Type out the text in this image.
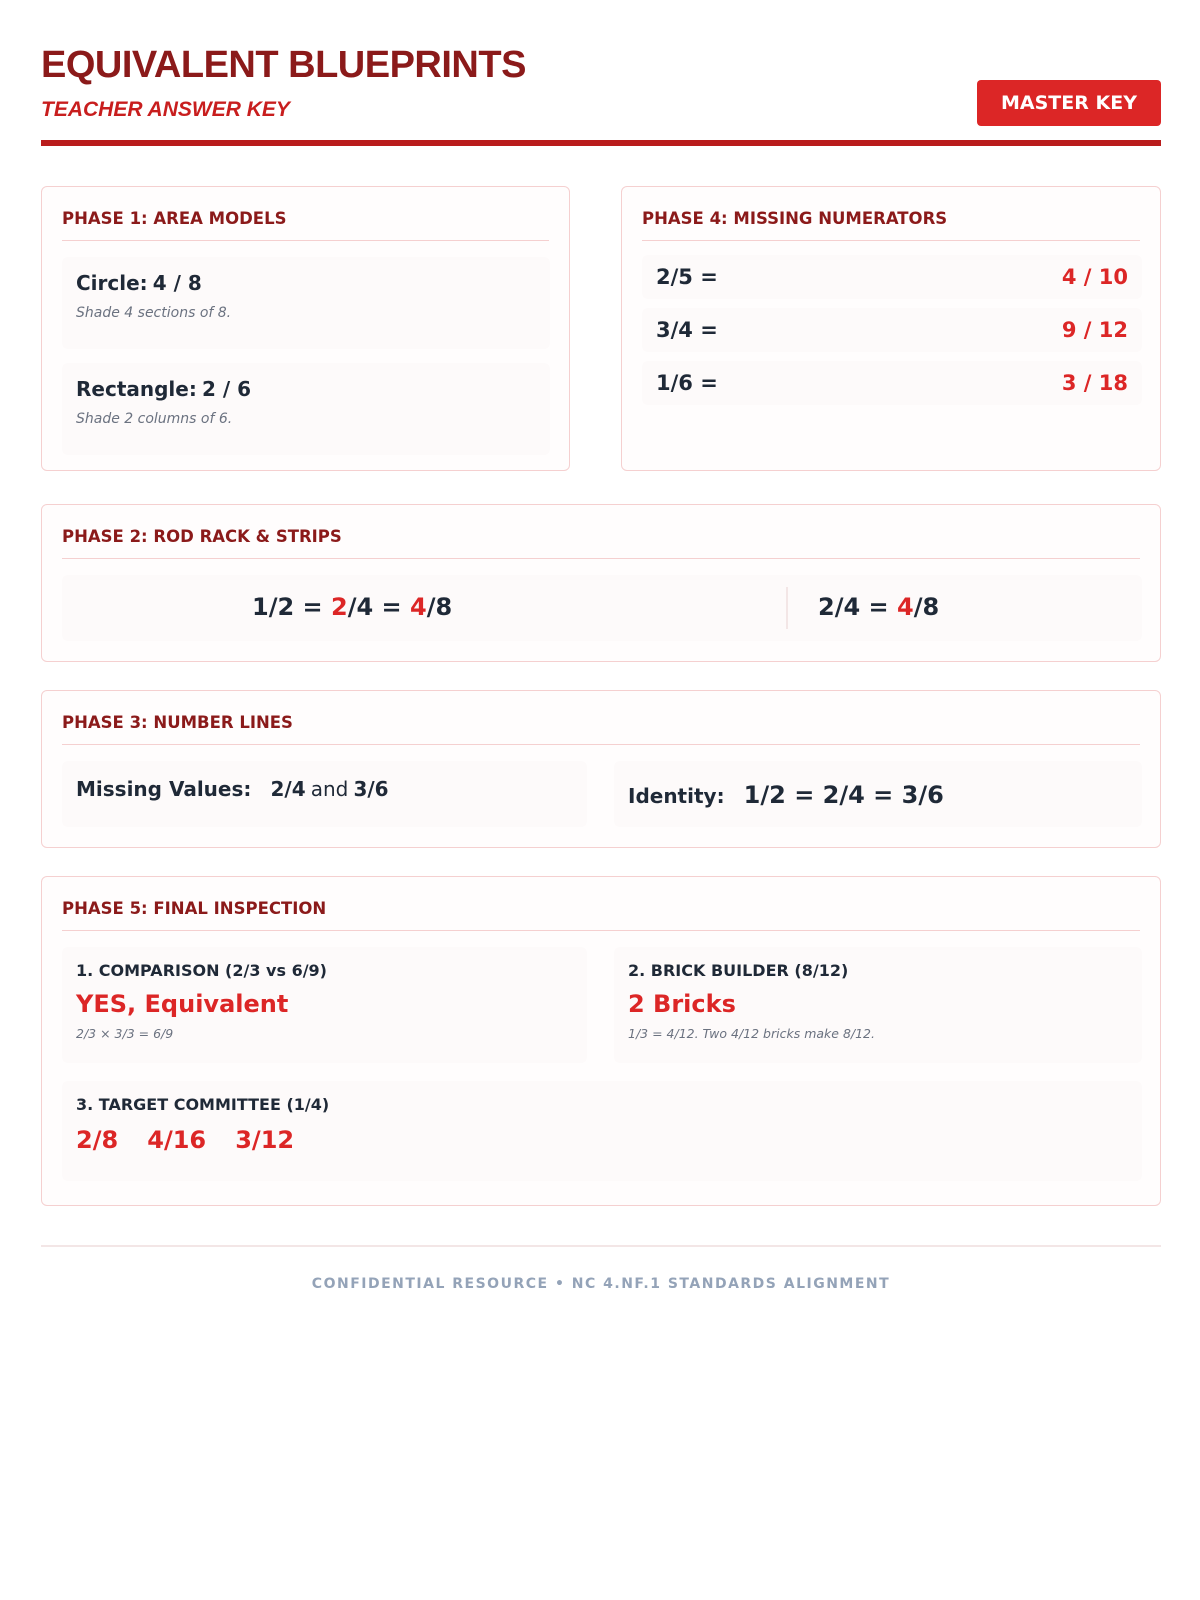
EQUIVALENT BLUEPRINTS
TEACHER ANSWER KEY	MASTER KEY
PHASE 1: AREA MODELS
Circle: 4 / 8
Shade 4 sections of 8.
Rectangle: 2 / 6
Shade 2 columns of 6.
PHASE 4: MISSING NUMERATORS
2/5 =	4 / 10
3/4 =	9 / 12
1/6 =	3 / 18
PHASE 2: ROD RACK & STRIPS
1/2 = 2/4 = 4/8	2/4 = 4/8
PHASE 3: NUMBER LINES
Missing Values: 2/4 and 3/6	Identity: 1/2 = 2/4 = 3/6
PHASE 5: FINAL INSPECTION
1. COMPARISON (2/3 vs 6/9)
YES, Equivalent
2/3 × 3/3 = 6/9
2. BRICK BUILDER (8/12)
2 Bricks
1/3 = 4/12. Two 4/12 bricks make 8/12.
3. TARGET COMMITTEE (1/4)
2/8 4/16 3/12
CONFIDENTIAL RESOURCE • NC 4.NF.1 STANDARDS ALIGNMENT
